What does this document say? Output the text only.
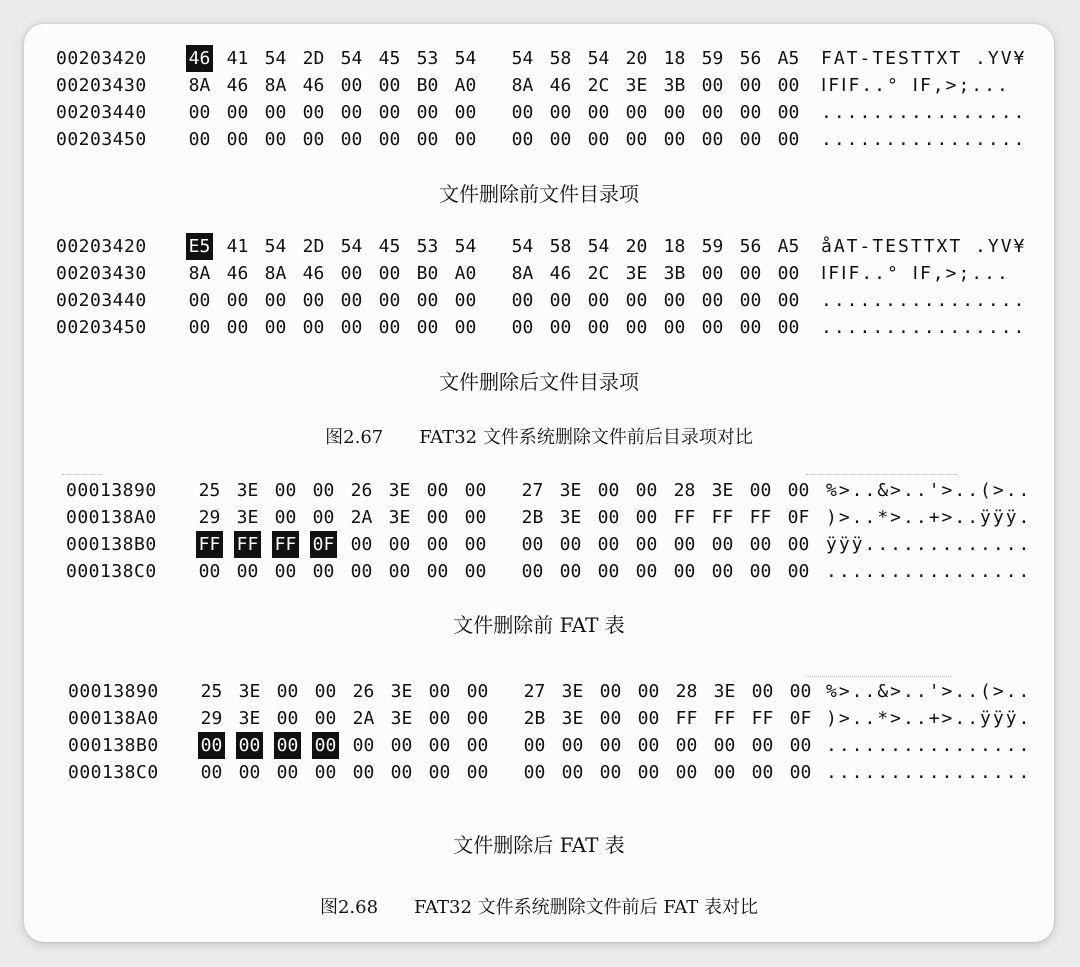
00203420 46 41 54 2D 54 45 53 54 54 58 54 20 18 59 56 A5 FAT-TESTTXT .YV¥
00203430 8A 46 8A 46 00 00 B0 A0 8A 46 2C 3E 3B 00 00 00 ⅠFⅠF..° ⅠF,>;...
00203440 00 00 00 00 00 00 00 00 00 00 00 00 00 00 00 00 ................
00203450 00 00 00 00 00 00 00 00 00 00 00 00 00 00 00 00 ................
文件删除前文件目录项
00203420 E5 41 54 2D 54 45 53 54 54 58 54 20 18 59 56 A5 åAT-TESTTXT .YV¥
00203430 8A 46 8A 46 00 00 B0 A0 8A 46 2C 3E 3B 00 00 00 ⅠFⅠF..° ⅠF,>;...
00203440 00 00 00 00 00 00 00 00 00 00 00 00 00 00 00 00 ................
00203450 00 00 00 00 00 00 00 00 00 00 00 00 00 00 00 00 ................
文件删除后文件目录项
图2.67 FAT32 文件系统删除文件前后目录项对比
00013890 25 3E 00 00 26 3E 00 00 27 3E 00 00 28 3E 00 00 %>..&>..'>..(>..
000138A0 29 3E 00 00 2A 3E 00 00 2B 3E 00 00 FF FF FF 0F )>..*>..+>..ÿÿÿ.
000138B0 FF FF FF 0F 00 00 00 00 00 00 00 00 00 00 00 00 ÿÿÿ.............
000138C0 00 00 00 00 00 00 00 00 00 00 00 00 00 00 00 00 ................
文件删除前 FAT 表
00013890 25 3E 00 00 26 3E 00 00 27 3E 00 00 28 3E 00 00 %>..&>..'>..(>..
000138A0 29 3E 00 00 2A 3E 00 00 2B 3E 00 00 FF FF FF 0F )>..*>..+>..ÿÿÿ.
000138B0 00 00 00 00 00 00 00 00 00 00 00 00 00 00 00 00 ................
000138C0 00 00 00 00 00 00 00 00 00 00 00 00 00 00 00 00 ................
文件删除后 FAT 表
图2.68 FAT32 文件系统删除文件前后 FAT 表对比
